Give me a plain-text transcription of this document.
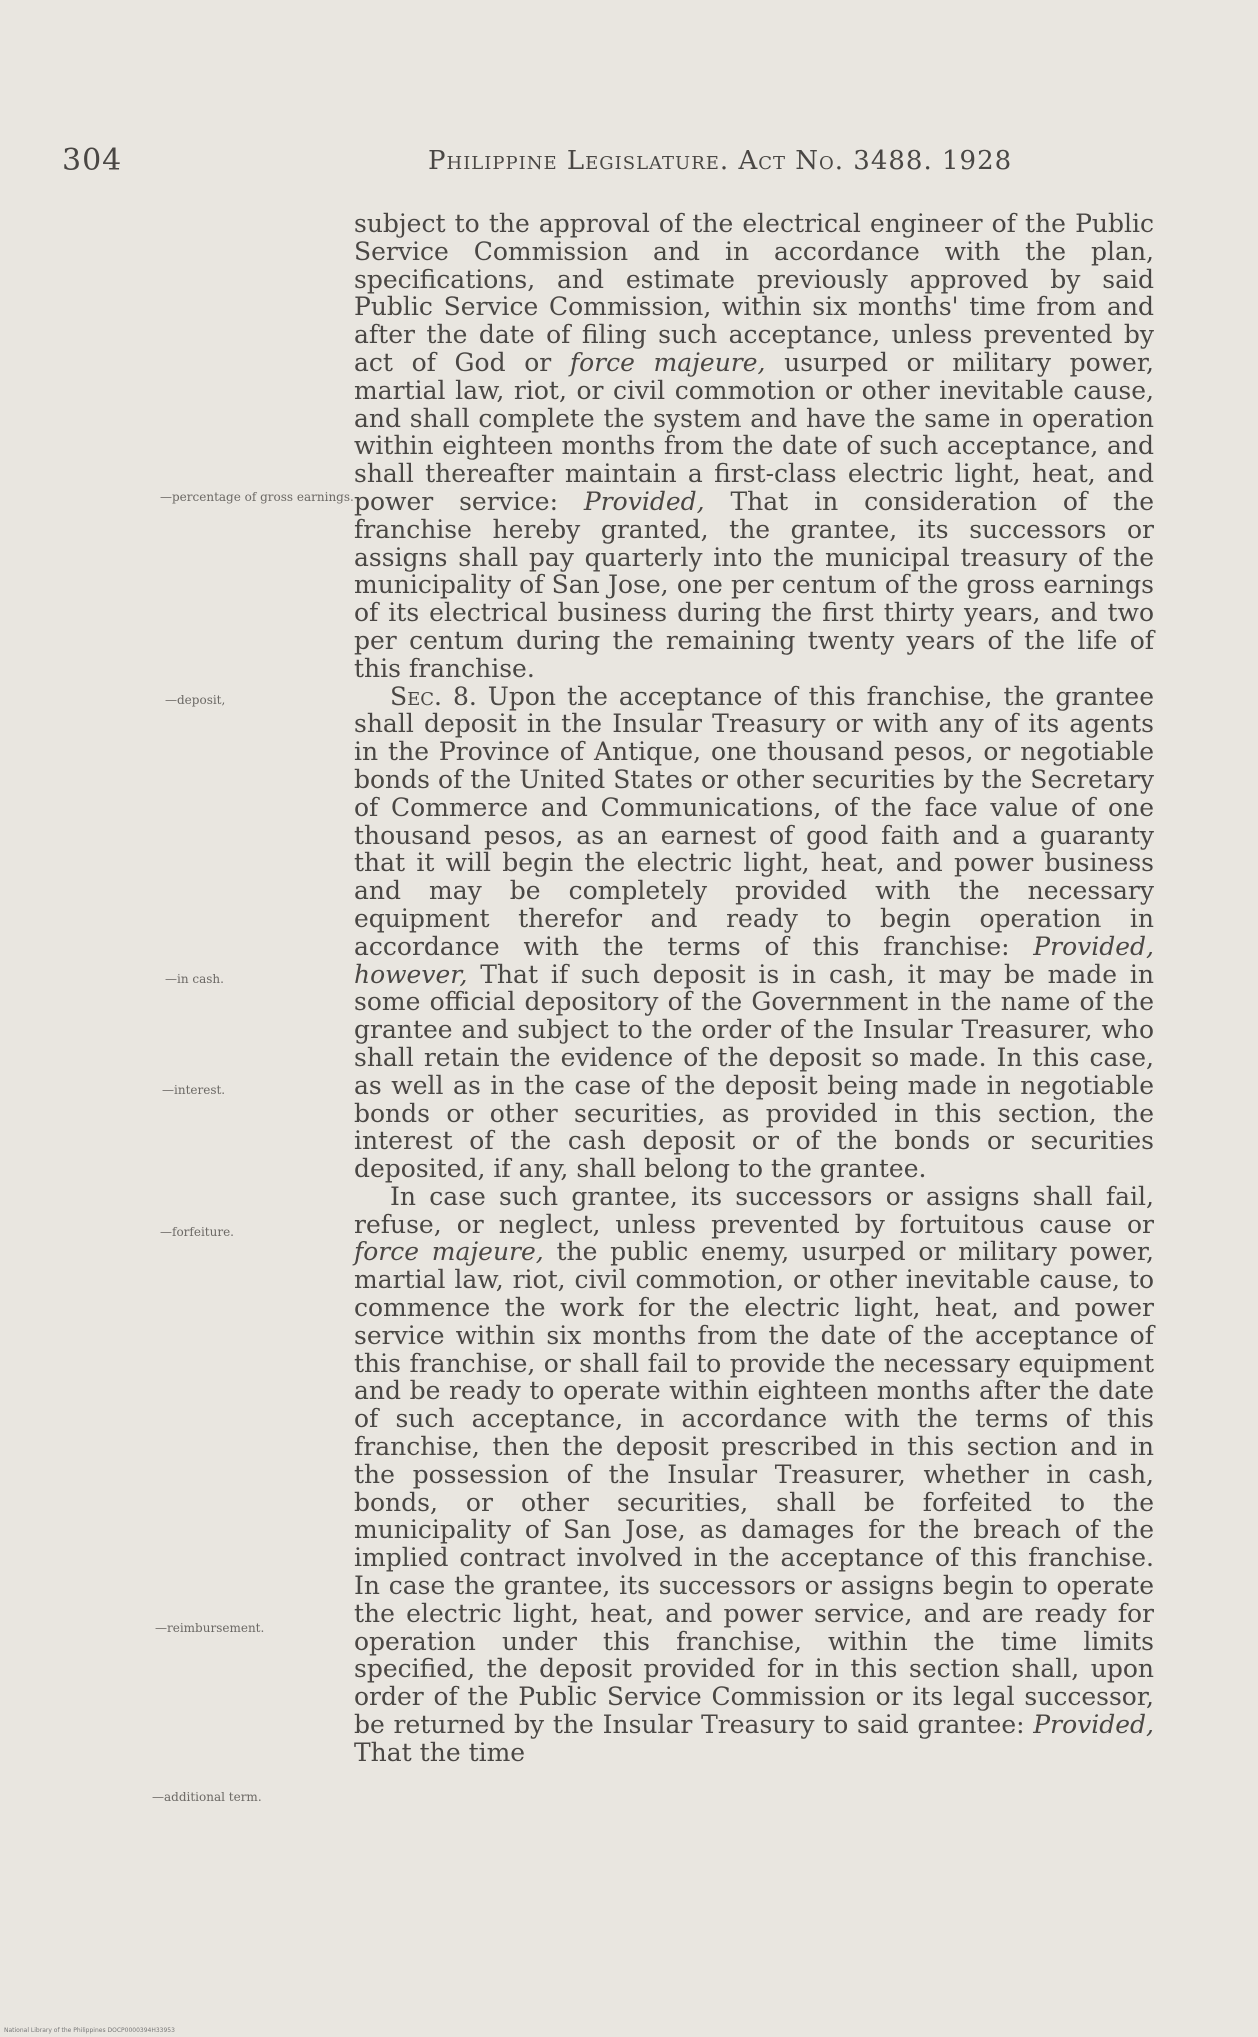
304	Philippine Legislature. Act No. 3488. 1928
—percentage of gross earnings.
—deposit,
—in cash.
—interest.
—forfeiture.
—reimbursement.
—additional term.

subject to the approval of the electrical engineer of the Public Service Commission and in accordance with the plan, specifications, and estimate previously approved by said Public Service Commission, within six months' time from and after the date of filing such acceptance, unless prevented by act of God or force majeure, usurped or military power, martial law, riot, or civil commotion or other inevitable cause, and shall complete the system and have the same in operation within eighteen months from the date of such acceptance, and shall thereafter maintain a first-class electric light, heat, and power service: Provided, That in consideration of the franchise hereby granted, the grantee, its successors or assigns shall pay quarterly into the municipal treasury of the municipality of San Jose, one per centum of the gross earnings of its electrical business during the first thirty years, and two per centum during the remaining twenty years of the life of this franchise.

Sec. 8. Upon the acceptance of this franchise, the grantee shall deposit in the Insular Treasury or with any of its agents in the Province of Antique, one thousand pesos, or negotiable bonds of the United States or other securities by the Secretary of Commerce and Communications, of the face value of one thousand pesos, as an earnest of good faith and a guaranty that it will begin the electric light, heat, and power business and may be completely provided with the necessary equipment therefor and ready to begin operation in accordance with the terms of this franchise: Provided, however, That if such deposit is in cash, it may be made in some official depository of the Government in the name of the grantee and subject to the order of the Insular Treasurer, who shall retain the evidence of the deposit so made. In this case, as well as in the case of the deposit being made in negotiable bonds or other securities, as provided in this section, the interest of the cash deposit or of the bonds or securities deposited, if any, shall belong to the grantee.

In case such grantee, its successors or assigns shall fail, refuse, or neglect, unless prevented by fortuitous cause or force majeure, the public enemy, usurped or military power, martial law, riot, civil commotion, or other inevitable cause, to commence the work for the electric light, heat, and power service within six months from the date of the acceptance of this franchise, or shall fail to provide the necessary equipment and be ready to operate within eighteen months after the date of such acceptance, in accordance with the terms of this franchise, then the deposit prescribed in this section and in the possession of the Insular Treasurer, whether in cash, bonds, or other securities, shall be forfeited to the municipality of San Jose, as damages for the breach of the implied contract involved in the acceptance of this franchise. In case the grantee, its successors or assigns begin to operate the electric light, heat, and power service, and are ready for operation under this franchise, within the time limits specified, the deposit provided for in this section shall, upon order of the Public Service Commission or its legal successor, be returned by the Insular Treasury to said grantee: Provided, That the time

National Library of the Philippines DOCP0000394H33953
